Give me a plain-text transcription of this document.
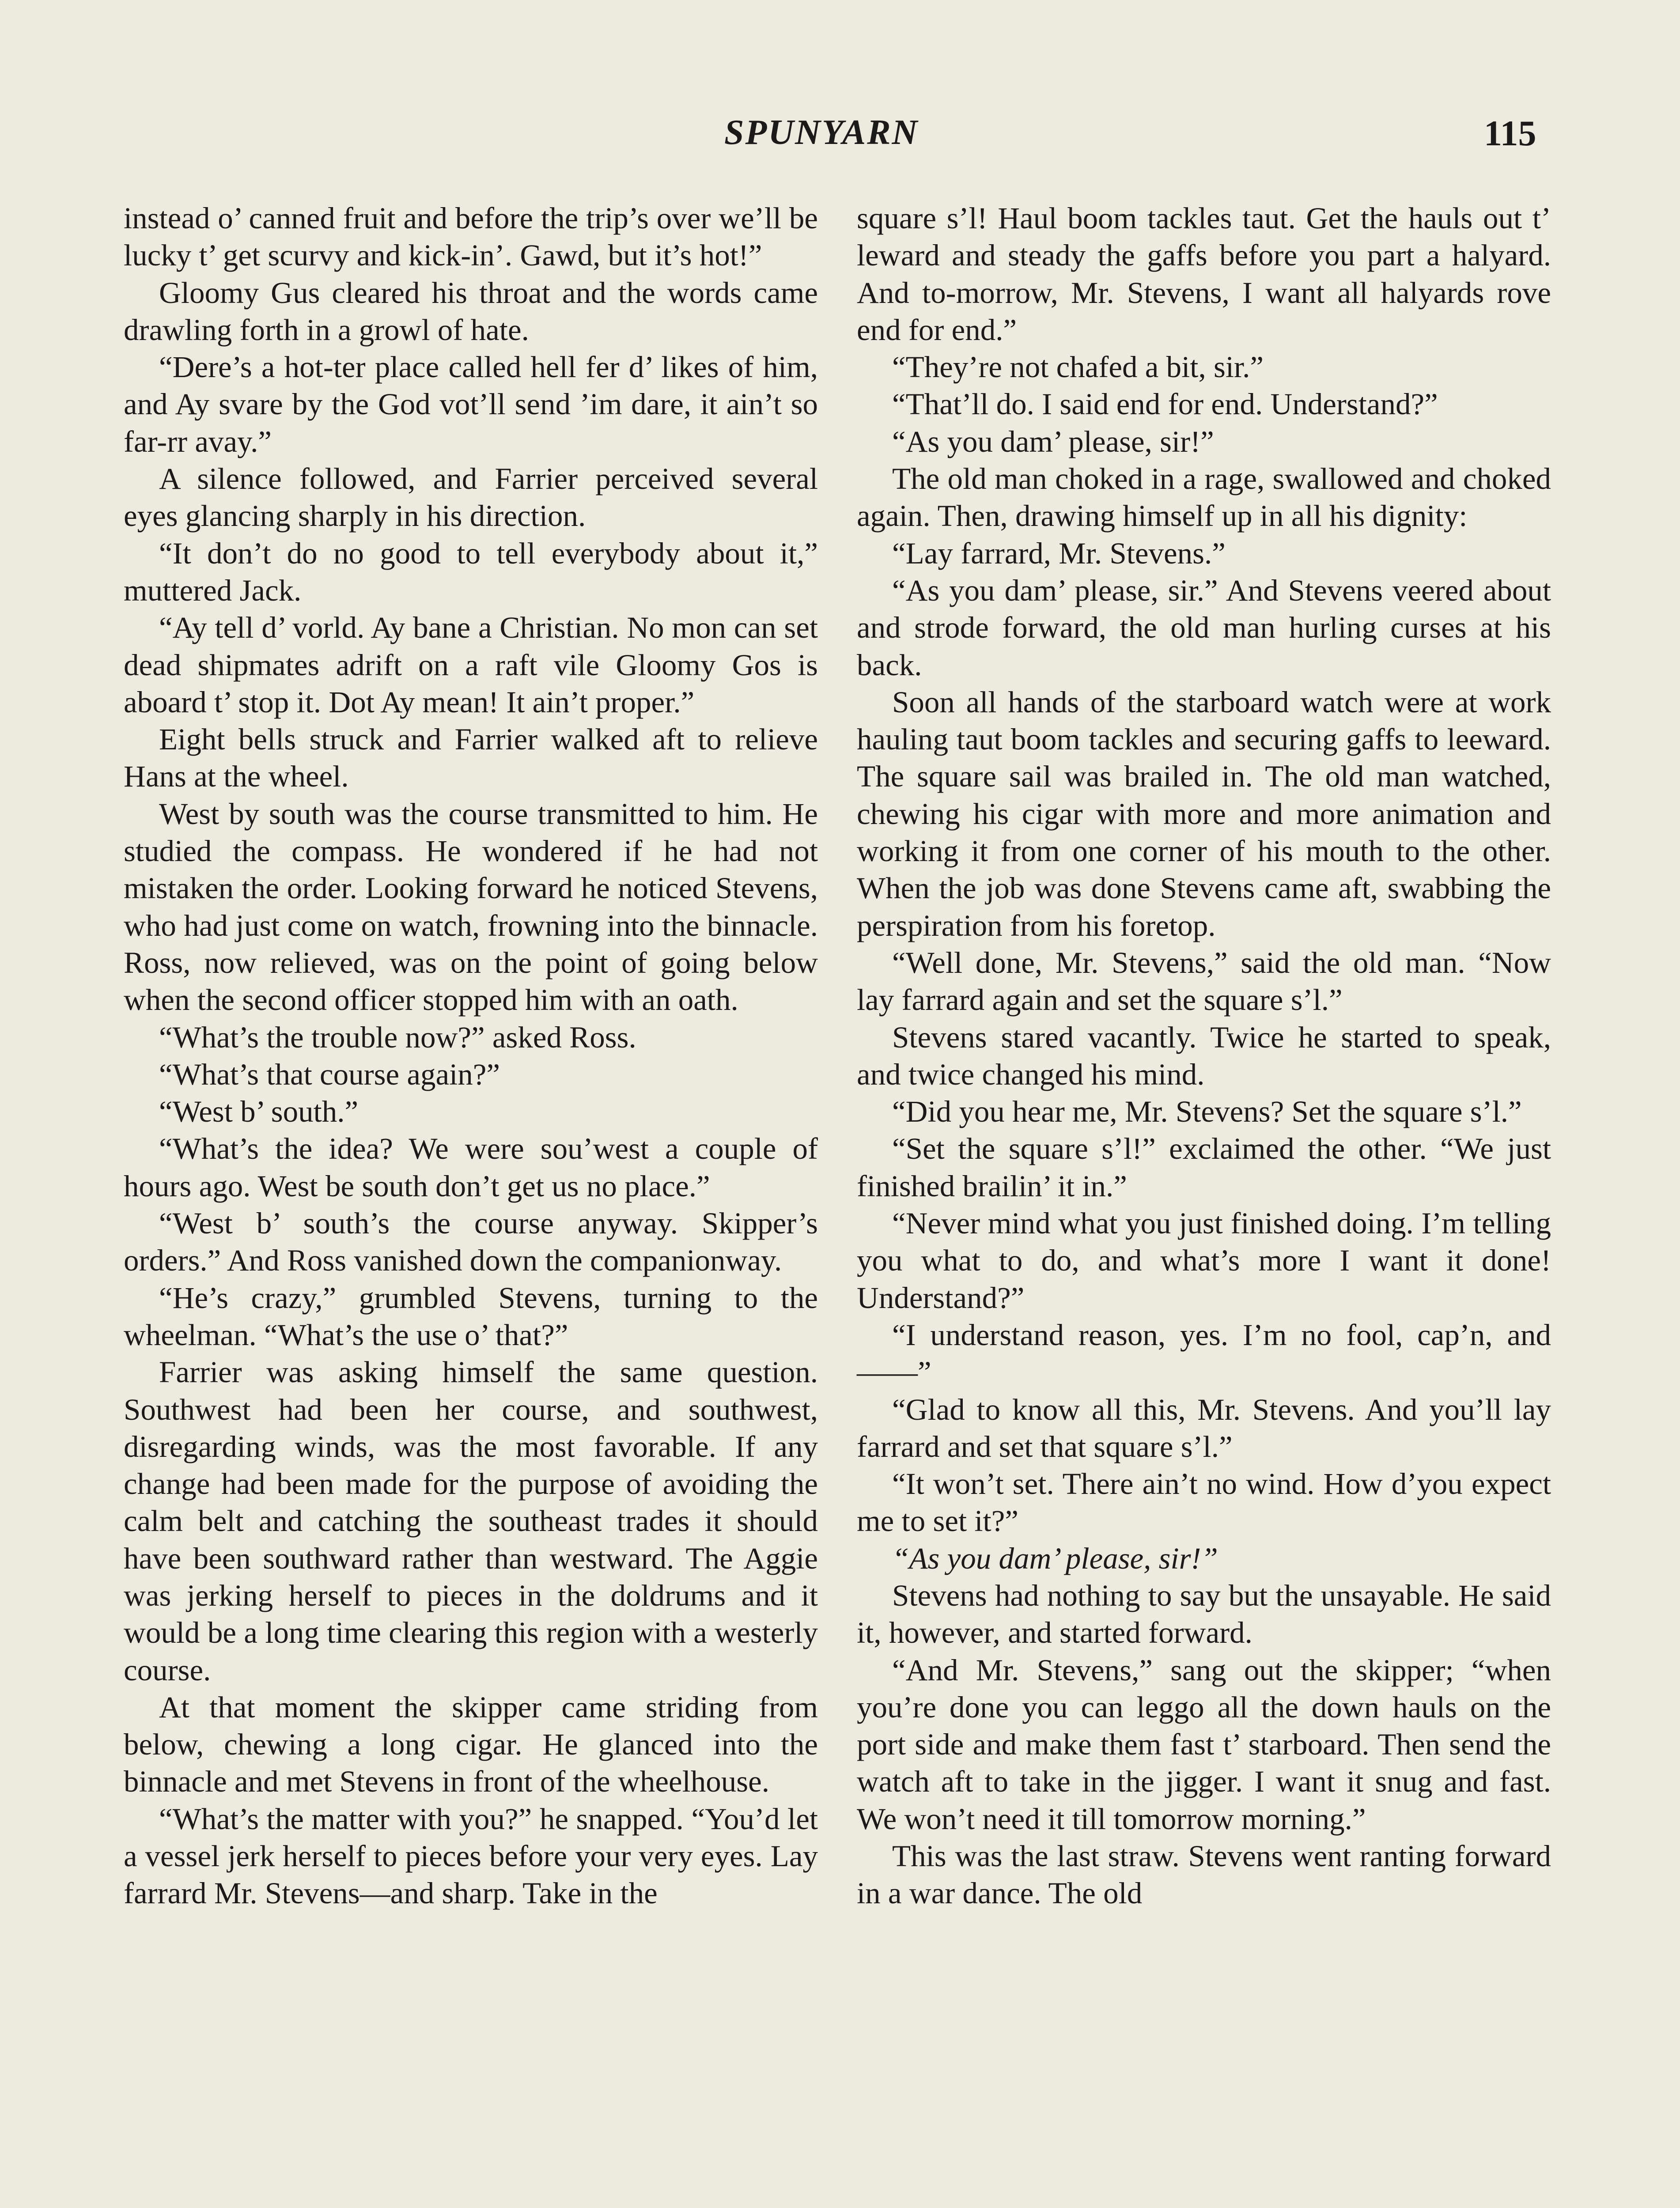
SPUNYARN	115

instead o’ canned fruit and before the trip’s over we’ll be lucky t’ get scurvy and kick-in’. Gawd, but it’s hot!”

Gloomy Gus cleared his throat and the words came drawling forth in a growl of hate.

“Dere’s a hot-ter place called hell fer d’ likes of him, and Ay svare by the God vot’ll send ’im dare, it ain’t so far-rr avay.”

A silence followed, and Farrier perceived several eyes glancing sharply in his direction.

“It don’t do no good to tell everybody about it,” muttered Jack.

“Ay tell d’ vorld. Ay bane a Christian. No mon can set dead shipmates adrift on a raft vile Gloomy Gos is aboard t’ stop it. Dot Ay mean! It ain’t proper.”

Eight bells struck and Farrier walked aft to relieve Hans at the wheel.

West by south was the course transmitted to him. He studied the compass. He wondered if he had not mistaken the order. Looking forward he noticed Stevens, who had just come on watch, frowning into the binnacle. Ross, now relieved, was on the point of going below when the second officer stopped him with an oath.

“What’s the trouble now?” asked Ross.

“What’s that course again?”

“West b’ south.”

“What’s the idea? We were sou’west a couple of hours ago. West be south don’t get us no place.”

“West b’ south’s the course anyway. Skipper’s orders.” And Ross vanished down the companionway.

“He’s crazy,” grumbled Stevens, turning to the wheelman. “What’s the use o’ that?”

Farrier was asking himself the same question. Southwest had been her course, and southwest, disregarding winds, was the most favorable. If any change had been made for the purpose of avoiding the calm belt and catching the southeast trades it should have been southward rather than westward. The Aggie was jerking herself to pieces in the doldrums and it would be a long time clearing this region with a westerly course.

At that moment the skipper came striding from below, chewing a long cigar. He glanced into the binnacle and met Stevens in front of the wheelhouse.

“What’s the matter with you?” he snapped. “You’d let a vessel jerk herself to pieces before your very eyes. Lay farrard Mr. Stevens—and sharp. Take in the

square s’l! Haul boom tackles taut. Get the hauls out t’ leward and steady the gaffs before you part a halyard. And to-morrow, Mr. Stevens, I want all halyards rove end for end.”

“They’re not chafed a bit, sir.”

“That’ll do. I said end for end. Understand?”

“As you dam’ please, sir!”

The old man choked in a rage, swallowed and choked again. Then, drawing himself up in all his dignity:

“Lay farrard, Mr. Stevens.”

“As you dam’ please, sir.” And Stevens veered about and strode forward, the old man hurling curses at his back.

Soon all hands of the starboard watch were at work hauling taut boom tackles and securing gaffs to leeward. The square sail was brailed in. The old man watched, chewing his cigar with more and more animation and working it from one corner of his mouth to the other. When the job was done Stevens came aft, swabbing the perspiration from his foretop.

“Well done, Mr. Stevens,” said the old man. “Now lay farrard again and set the square s’l.”

Stevens stared vacantly. Twice he started to speak, and twice changed his mind.

“Did you hear me, Mr. Stevens? Set the square s’l.”

“Set the square s’l!” exclaimed the other. “We just finished brailin’ it in.”

“Never mind what you just finished doing. I’m telling you what to do, and what’s more I want it done! Understand?”

“I understand reason, yes. I’m no fool, cap’n, and——”

“Glad to know all this, Mr. Stevens. And you’ll lay farrard and set that square s’l.”

“It won’t set. There ain’t no wind. How d’you expect me to set it?”

“As you dam’ please, sir!”

Stevens had nothing to say but the unsayable. He said it, however, and started forward.

“And Mr. Stevens,” sang out the skipper; “when you’re done you can leggo all the down hauls on the port side and make them fast t’ starboard. Then send the watch aft to take in the jigger. I want it snug and fast. We won’t need it till tomorrow morning.”

This was the last straw. Stevens went ranting forward in a war dance. The old
